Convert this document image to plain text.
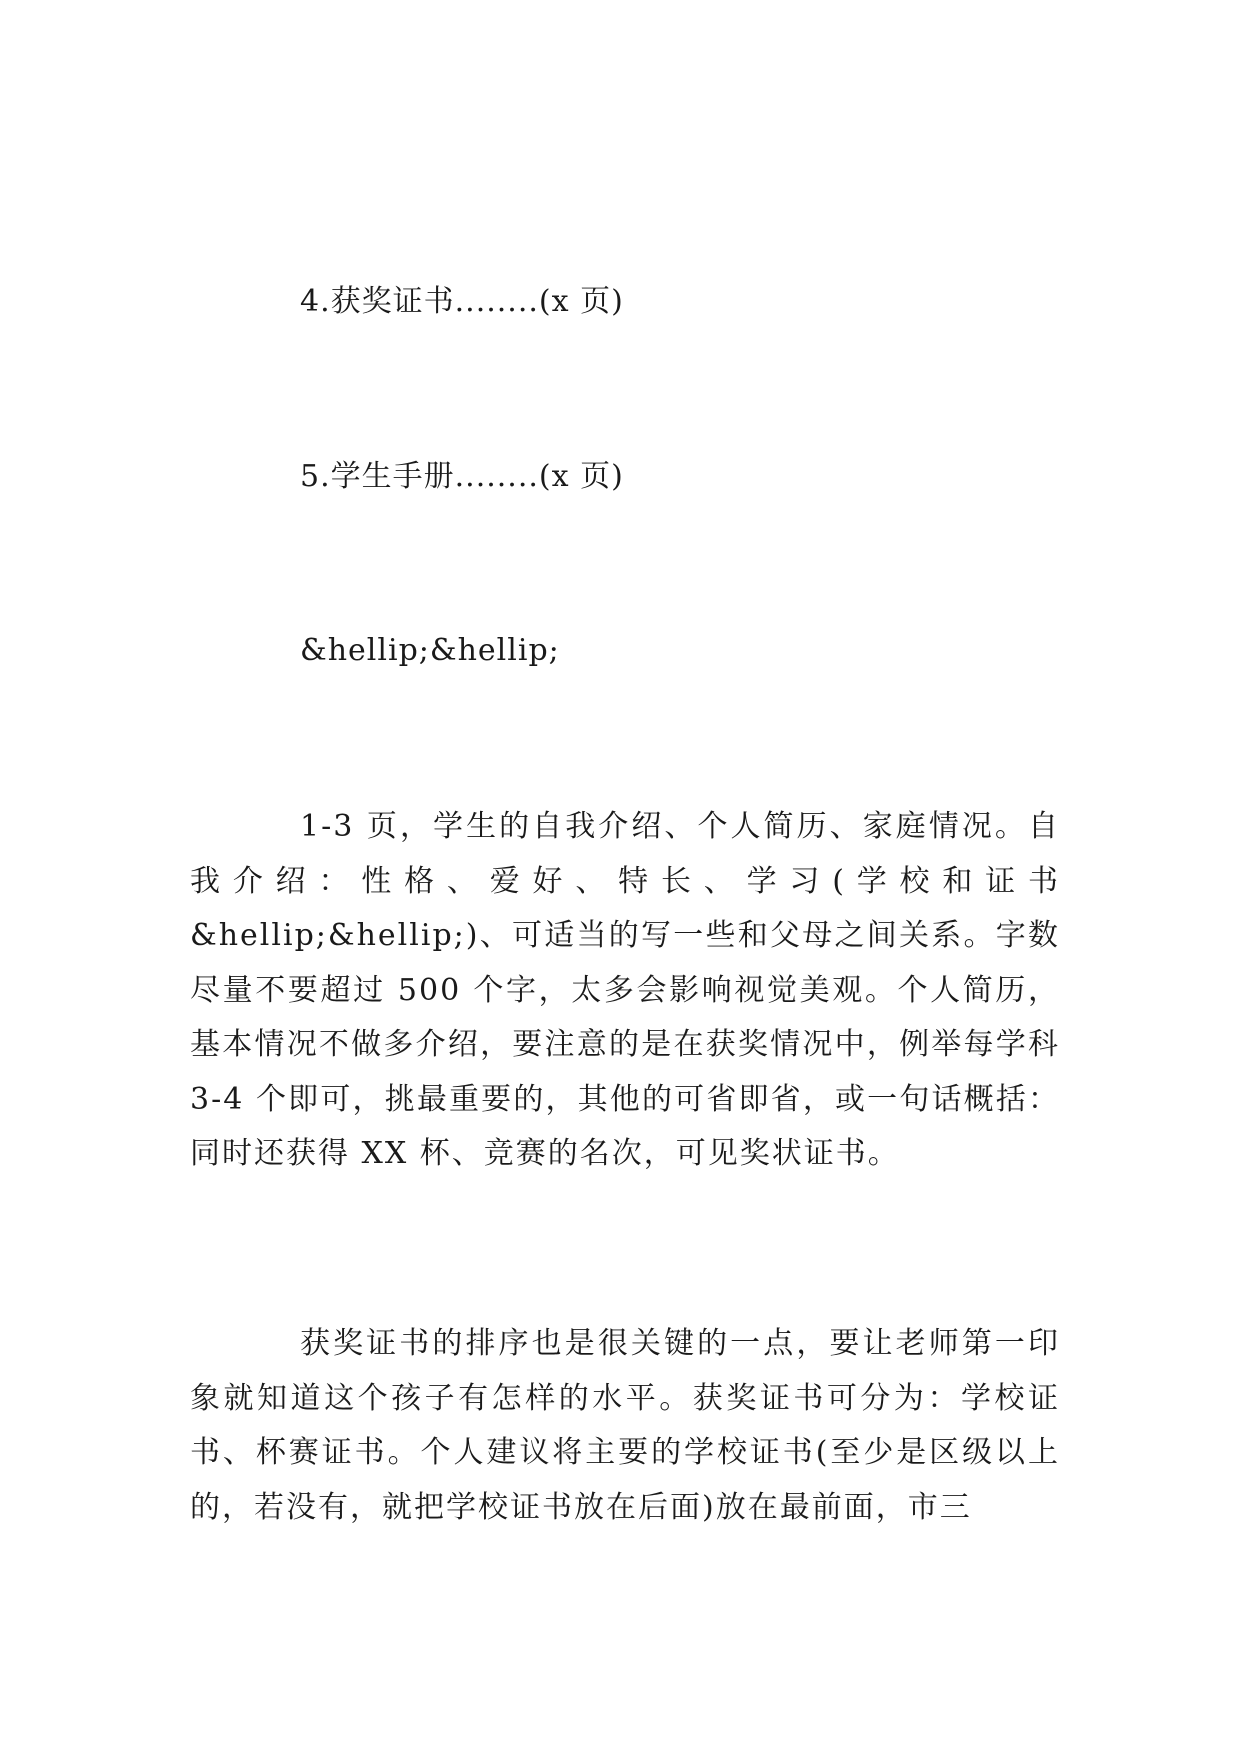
4.获奖证书........(x 页)
5.学生手册........(x 页)
&hellip;&hellip;

1-3 页，学生的自我介绍、个人简历、家庭情况。自我介绍：性格、爱好、特长、学习(学校和证书&hellip;&hellip;)、可适当的写一些和父母之间关系。字数尽量不要超过 500 个字，太多会影响视觉美观。个人简历，基本情况不做多介绍，要注意的是在获奖情况中，例举每学科 3-4 个即可，挑最重要的，其他的可省即省，或一句话概括：同时还获得 XX 杯、竞赛的名次，可见奖状证书。

获奖证书的排序也是很关键的一点，要让老师第一印象就知道这个孩子有怎样的水平。获奖证书可分为：学校证书、杯赛证书。个人建议将主要的学校证书(至少是区级以上的，若没有，就把学校证书放在后面)放在最前面，市三
